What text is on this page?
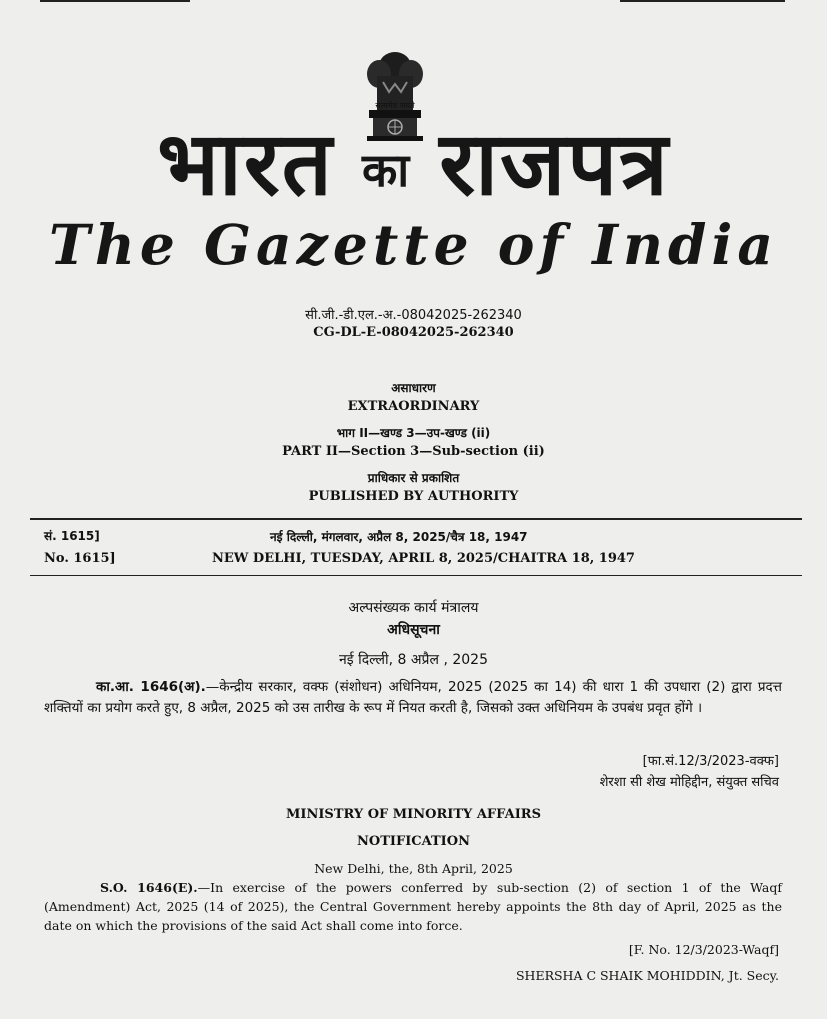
सत्यमेव जयते
भारत का राजपत्र
The Gazette of India
सी.जी.-डी.एल.-अ.-08042025-262340
CG-DL-E-08042025-262340
असाधारण
EXTRAORDINARY
भाग II—खण्ड 3—उप-खण्ड (ii)
PART II—Section 3—Sub-section (ii)
प्राधिकार से प्रकाशित
PUBLISHED BY AUTHORITY
सं. 1615]	नई दिल्ली, मंगलवार, अप्रैल 8, 2025/चैत्र 18, 1947
No. 1615]	NEW DELHI, TUESDAY, APRIL 8, 2025/CHAITRA 18, 1947
अल्पसंख्यक कार्य मंत्रालय
अधिसूचना
नई दिल्ली, 8 अप्रैल , 2025
का.आ. 1646(अ).—केन्द्रीय सरकार, वक्फ (संशोधन) अधिनियम, 2025 (2025 का 14) की धारा 1 की उपधारा (2) द्वारा प्रदत्त शक्तियों का प्रयोग करते हुए, 8 अप्रैल, 2025 को उस तारीख के रूप में नियत करती है, जिसको उक्त अधिनियम के उपबंध प्रवृत होंगे ।
[फा.सं.12/3/2023-वक्फ]
शेरशा सी शेख मोहिद्दीन, संयुक्त सचिव
MINISTRY OF MINORITY AFFAIRS
NOTIFICATION
New Delhi, the, 8th April, 2025
S.O. 1646(E).—In exercise of the powers conferred by sub-section (2) of section 1 of the Waqf (Amendment) Act, 2025 (14 of 2025), the Central Government hereby appoints the 8th day of April, 2025 as the date on which the provisions of the said Act shall come into force.
[F. No. 12/3/2023-Waqf]
SHERSHA C SHAIK MOHIDDIN, Jt. Secy.
